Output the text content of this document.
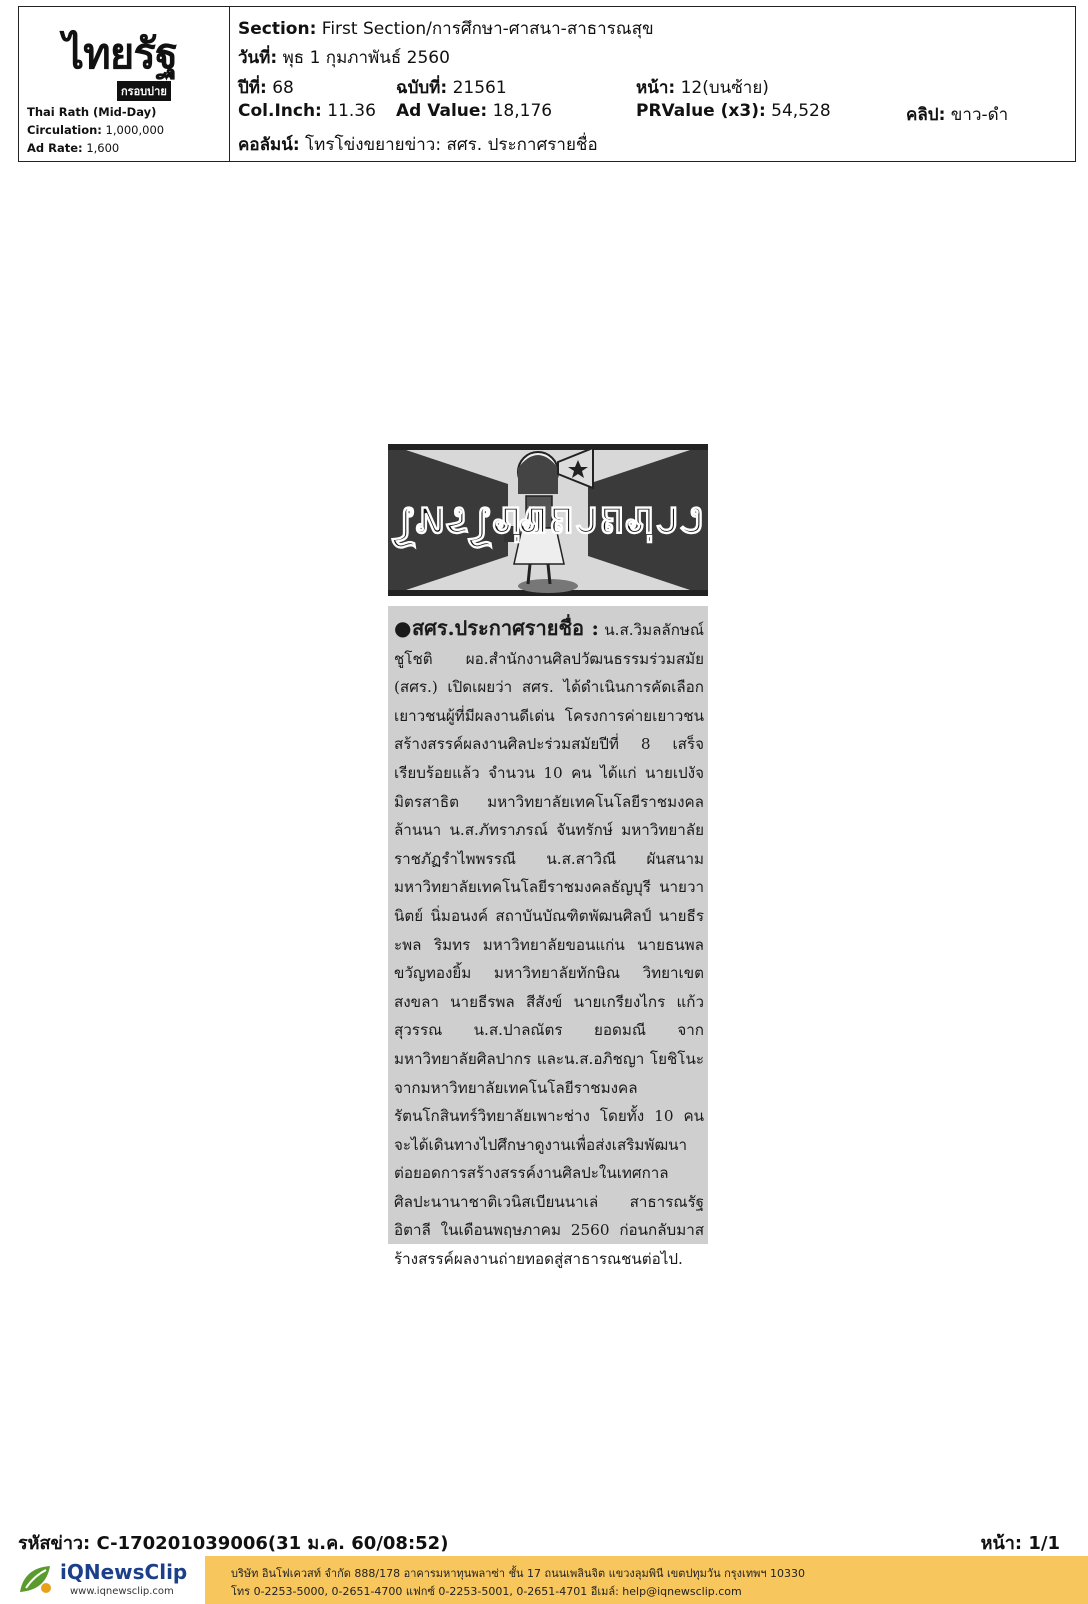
ไทยรัฐ
กรอบบ่าย
Thai Rath (Mid-Day)
Circulation: 1,000,000
Ad Rate: 1,600
Section: First Section/การศึกษา-ศาสนา-สาธารณสุข
วันที่: พุธ 1 กุมภาพันธ์ 2560
ปีที่: 68	ฉบับที่: 21561	หน้า: 12(บนซ้าย)
Col.Inch: 11.36 Ad Value: 18,176	PRValue (x3): 54,528	คลิป: ขาว-ดำ
คอลัมน์: โทรโข่งขยายข่าว: สศร. ประกาศรายชื่อ
โทรโข่ง
ขยายข่าว
●สศร.ประกาศรายชื่อ : น.ส.วิมลลักษณ์ ชูโชติ ผอ.สำนักงานศิลปวัฒนธรรมร่วมสมัย (สศร.) เปิดเผยว่า สศร. ได้ดำเนินการคัดเลือกเยาวชนผู้ที่มีผลงานดีเด่น โครงการค่ายเยาวชนสร้างสรรค์ผลงานศิลปะร่วมสมัยปีที่ 8 เสร็จเรียบร้อยแล้ว จำนวน 10 คน ได้แก่ นายเปงัจ มิตรสาธิต มหาวิทยาลัยเทคโนโลยีราชมงคลล้านนา น.ส.ภัทราภรณ์ จันทรักษ์ มหาวิทยาลัยราชภัฏรำไพพรรณี น.ส.สาวิณี ผันสนาม มหาวิทยาลัยเทคโนโลยีราชมงคลธัญบุรี นายวานิตย์ นิ่มอนงค์ สถาบันบัณฑิตพัฒนศิลป์ นายธีระพล ริมทร มหาวิทยาลัยขอนแก่น นายธนพล ขวัญทองยิ้ม มหาวิทยาลัยทักษิณ วิทยาเขตสงขลา นายธีรพล สีสังข์ นายเกรียงไกร แก้วสุวรรณ น.ส.ปาลณัตร ยอดมณี จากมหาวิทยาลัยศิลปากร และน.ส.อภิชญา โยชิโนะ จากมหาวิทยาลัยเทคโนโลยีราชมงคลรัตนโกสินทร์วิทยาลัยเพาะช่าง โดยทั้ง 10 คนจะได้เดินทางไปศึกษาดูงานเพื่อส่งเสริมพัฒนาต่อยอดการสร้างสรรค์งานศิลปะในเทศกาลศิลปะนานาชาติเวนิสเบียนนาเล่ สาธารณรัฐอิตาลี ในเดือนพฤษภาคม 2560 ก่อนกลับมาสร้างสรรค์ผลงานถ่ายทอดสู่สาธารณชนต่อไป.
รหัสข่าว: C-170201039006(31 ม.ค. 60/08:52)	หน้า: 1/1
iQNewsClip
www.iqnewsclip.com
บริษัท อินโฟเควสท์ จำกัด 888/178 อาคารมหาทุนพลาซ่า ชั้น 17 ถนนเพลินจิต แขวงลุมพินี เขตปทุมวัน กรุงเทพฯ 10330
โทร 0-2253-5000, 0-2651-4700 แฟกซ์ 0-2253-5001, 0-2651-4701 อีเมล์: help@iqnewsclip.com
